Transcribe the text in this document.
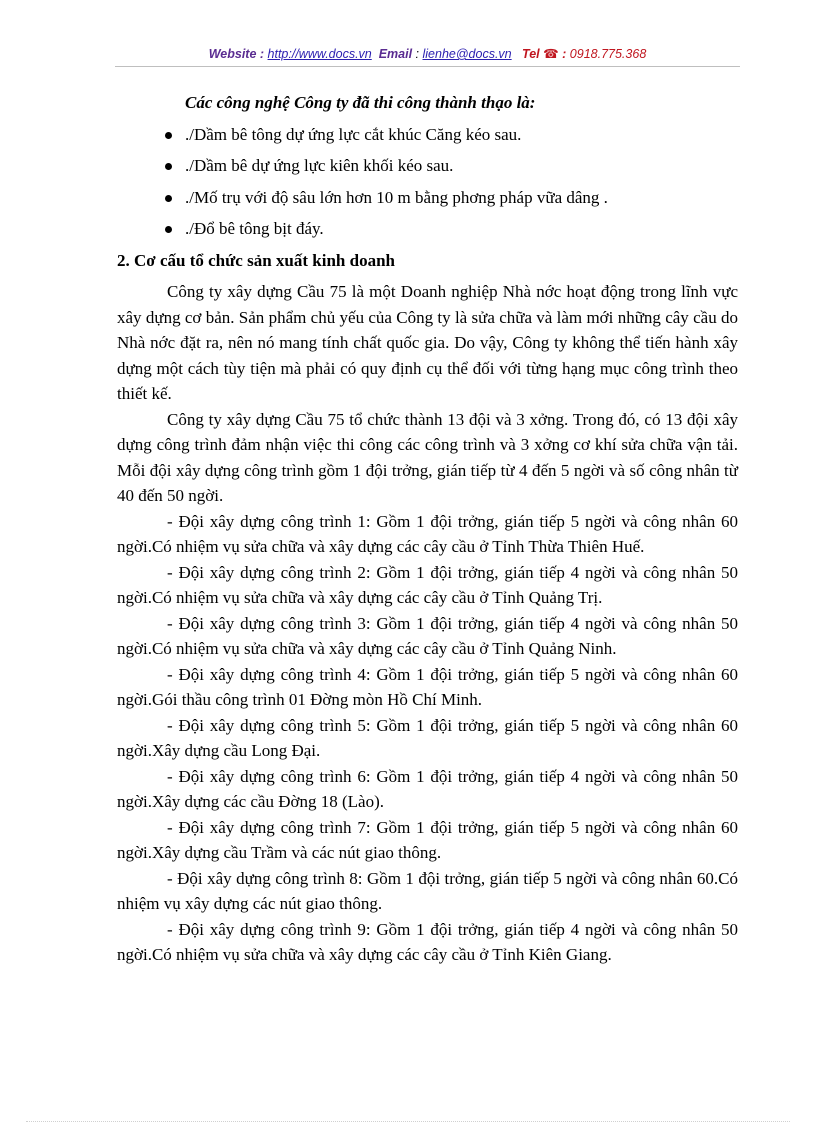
Website : http://www.docs.vn Email : lienhe@docs.vn Tel ☎ : 0918.775.368

Các công nghệ Công ty đã thi công thành thạo là:

./Dầm bê tông dự ứng lực cắt khúc Căng kéo sau.
./Dầm bê dự ứng lực kiên khối kéo sau.
./Mố trụ với độ sâu lớn hơn 10 m bằng phơng pháp vữa dâng .
./Đổ bê tông bịt đáy.
2. Cơ cấu tổ chức sản xuất kinh doanh

Công ty xây dựng Cầu 75 là một Doanh nghiệp Nhà nớc hoạt động trong lĩnh vực xây dựng cơ bản. Sản phẩm chủ yếu của Công ty là sửa chữa và làm mới những cây cầu do Nhà nớc đặt ra, nên nó mang tính chất quốc gia. Do vậy, Công ty không thể tiến hành xây dựng một cách tùy tiện mà phải có quy định cụ thể đối với từng hạng mục công trình theo thiết kế.

Công ty xây dựng Cầu 75 tổ chức thành 13 đội và 3 xởng. Trong đó, có 13 đội xây dựng công trình đảm nhận việc thi công các công trình và 3 xởng cơ khí sửa chữa vận tải. Mỗi đội xây dựng công trình gồm 1 đội trởng, gián tiếp từ 4 đến 5 ngời và số công nhân từ 40 đến 50 ngời.

- Đội xây dựng công trình 1: Gồm 1 đội trởng, gián tiếp 5 ngời và công nhân 60 ngời.Có nhiệm vụ sửa chữa và xây dựng các cây cầu ở Tỉnh Thừa Thiên Huế.

- Đội xây dựng công trình 2: Gồm 1 đội trởng, gián tiếp 4 ngời và công nhân 50 ngời.Có nhiệm vụ sửa chữa và xây dựng các cây cầu ở Tỉnh Quảng Trị.

- Đội xây dựng công trình 3: Gồm 1 đội trởng, gián tiếp 4 ngời và công nhân 50 ngời.Có nhiệm vụ sửa chữa và xây dựng các cây cầu ở Tỉnh Quảng Ninh.

- Đội xây dựng công trình 4: Gồm 1 đội trởng, gián tiếp 5 ngời và công nhân 60 ngời.Gói thầu công trình 01 Đờng mòn Hồ Chí Minh.

- Đội xây dựng công trình 5: Gồm 1 đội trởng, gián tiếp 5 ngời và công nhân 60 ngời.Xây dựng cầu Long Đại.

- Đội xây dựng công trình 6: Gồm 1 đội trởng, gián tiếp 4 ngời và công nhân 50 ngời.Xây dựng các cầu Đờng 18 (Lào).

- Đội xây dựng công trình 7: Gồm 1 đội trởng, gián tiếp 5 ngời và công nhân 60 ngời.Xây dựng cầu Trầm và các nút giao thông.

- Đội xây dựng công trình 8: Gồm 1 đội trởng, gián tiếp 5 ngời và công nhân 60.Có nhiệm vụ xây dựng các nút giao thông.

- Đội xây dựng công trình 9: Gồm 1 đội trởng, gián tiếp 4 ngời và công nhân 50 ngời.Có nhiệm vụ sửa chữa và xây dựng các cây cầu ở Tỉnh Kiên Giang.
